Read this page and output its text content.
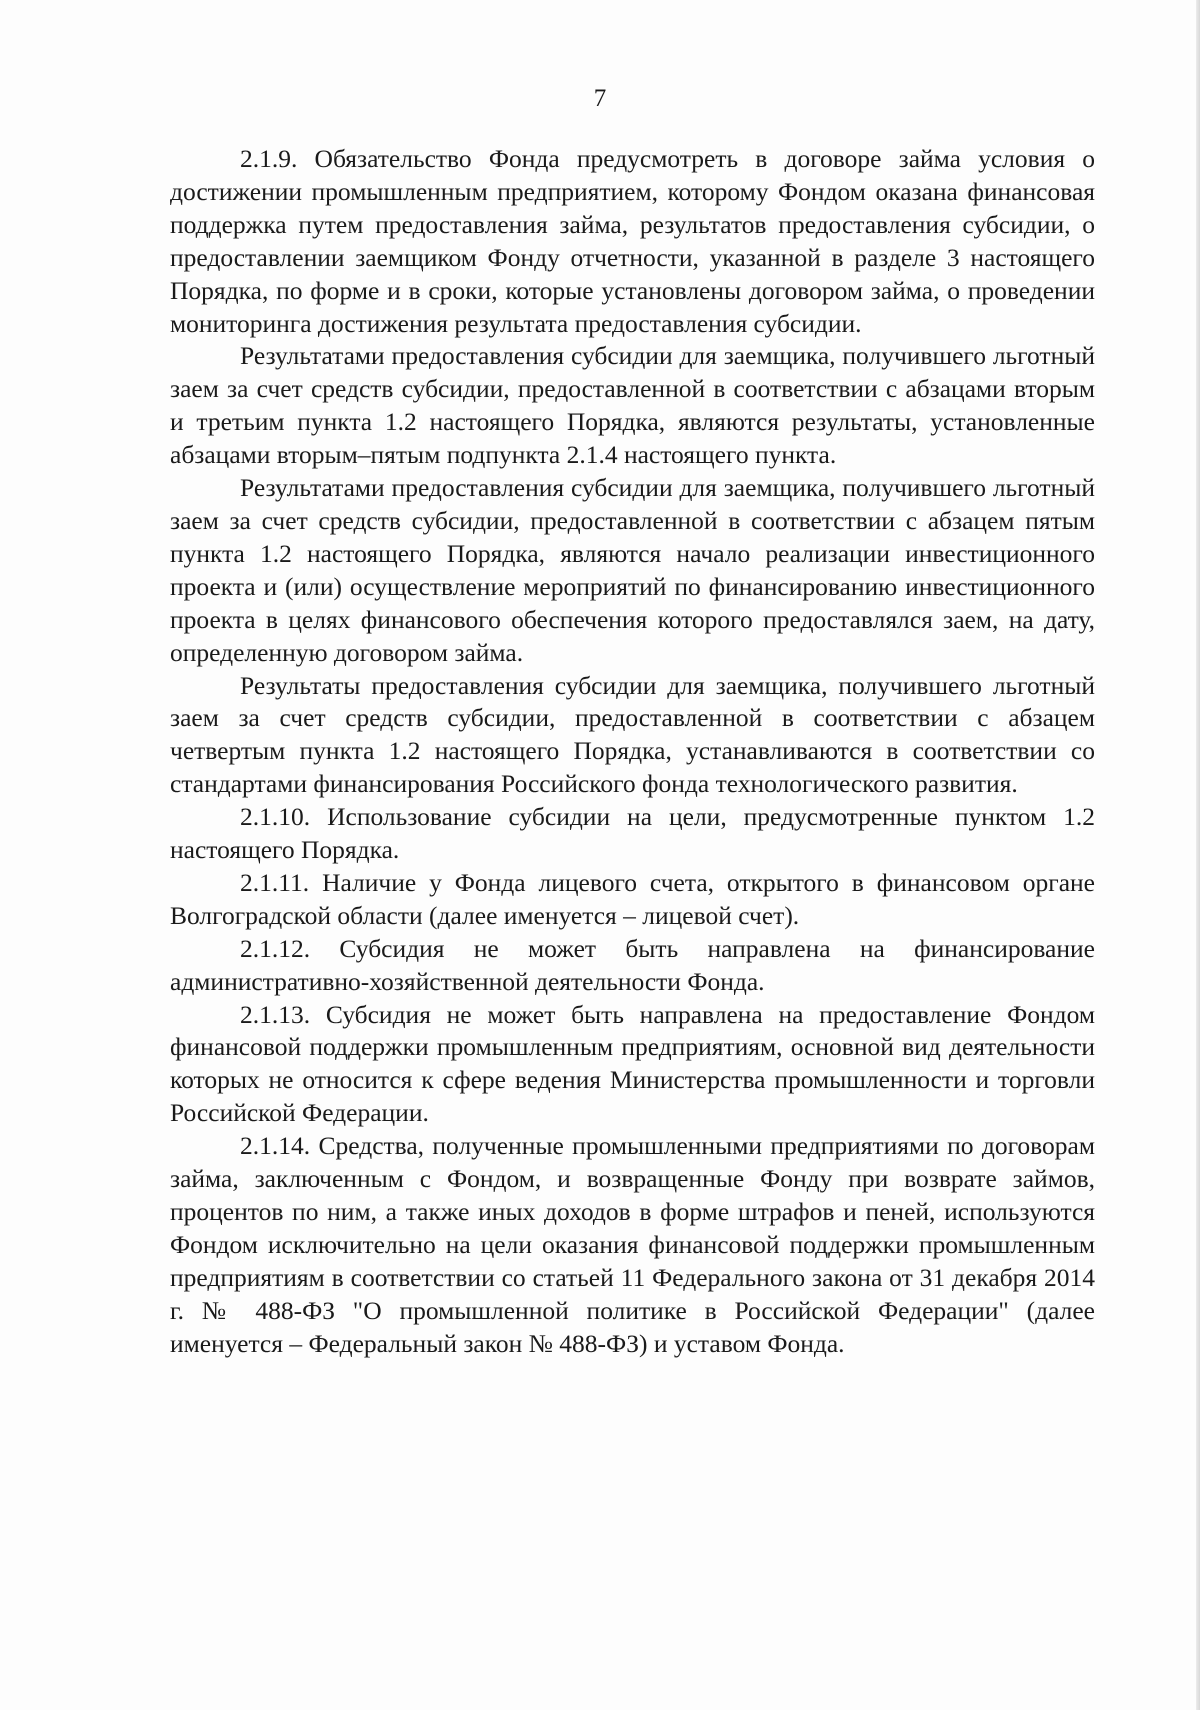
7

2.1.9. Обязательство Фонда предусмотреть в договоре займа условия о достижении промышленным предприятием, которому Фондом оказана финансовая поддержка путем предоставления займа, результатов предоставления субсидии, о предоставлении заемщиком Фонду отчетности, указанной в разделе 3 настоящего Порядка, по форме и в сроки, которые установлены договором займа, о проведении мониторинга достижения результата предоставления субсидии.

Результатами предоставления субсидии для заемщика, получившего льготный заем за счет средств субсидии, предоставленной в соответствии с абзацами вторым и третьим пункта 1.2 настоящего Порядка, являются результаты, установленные абзацами вторым–пятым подпункта 2.1.4 настоящего пункта.

Результатами предоставления субсидии для заемщика, получившего льготный заем за счет средств субсидии, предоставленной в соответствии с абзацем пятым пункта 1.2 настоящего Порядка, являются начало реализации инвестиционного проекта и (или) осуществление мероприятий по финансированию инвестиционного проекта в целях финансового обеспечения которого предоставлялся заем, на дату, определенную договором займа.

Результаты предоставления субсидии для заемщика, получившего льготный заем за счет средств субсидии, предоставленной в соответствии с абзацем четвертым пункта 1.2 настоящего Порядка, устанавливаются в соответствии со стандартами финансирования Российского фонда технологического развития.

2.1.10. Использование субсидии на цели, предусмотренные пунктом 1.2 настоящего Порядка.

2.1.11. Наличие у Фонда лицевого счета, открытого в финансовом органе Волгоградской области (далее именуется – лицевой счет).

2.1.12. Субсидия не может быть направлена на финансирование административно-хозяйственной деятельности Фонда.

2.1.13. Субсидия не может быть направлена на предоставление Фондом финансовой поддержки промышленным предприятиям, основной вид деятельности которых не относится к сфере ведения Министерства промышленности и торговли Российской Федерации.

2.1.14. Средства, полученные промышленными предприятиями по договорам займа, заключенным с Фондом, и возвращенные Фонду при возврате займов, процентов по ним, а также иных доходов в форме штрафов и пеней, используются Фондом исключительно на цели оказания финансовой поддержки промышленным предприятиям в соответствии со статьей 11 Федерального закона от 31 декабря 2014 г. № 488-ФЗ "О промышленной политике в Российской Федерации" (далее именуется – Федеральный закон № 488-ФЗ) и уставом Фонда.
